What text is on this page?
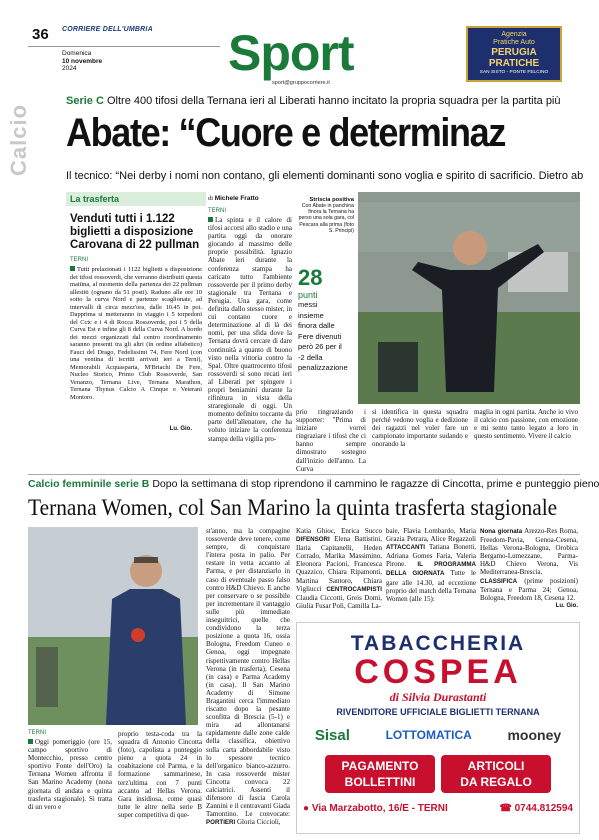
36 CORRIERE DELL'UMBRIA
Domenica
10 novembre
2024	Sport
sport@gruppocorriere.it
Agenzia
Pratiche Auto
PERUGIA
PRATICHE
SAN SISTO - PONTE FELCINO
Calcio
Serie C Oltre 400 tifosi della Ternana ieri al Liberati hanno incitato la propria squadra per la partita più
Abate: “Cuore e determinaz
Il tecnico: “Nei derby i nomi non contano, gli elementi dominanti sono voglia e spirito di sacrificio. Dietro ab
La trasferta
Venduti tutti i 1.122 biglietti a disposizione Carovana di 22 pullman
TERNI
Tutti prelazionati i 1122 biglietti a disposizione dei tifosi rossoverdi, che verranno distribuiti questa mattina, al momento della partenza dei 22 pullman allestiti (ognano da 51 posti). Raduno alle ore 10 sotto la curva Nord e partenze scaglionate, ad intervalli di circa mezz'ora, dalle 10.45 in poi. Dapprima si metteranno in viaggio i 5 torpedoni del Cctc e i 4 di Rocca Rossoverde, poi i 5 della Curva Est e infine gli 8 della Curva Nord. A bordo dei mezzi organizzati dal centro coordinamento saranno presenti tra gli altri (in ordine alfabetico) Fauci del Drago, Fedelissimi 74, Fere Nord (con una ventina di iscritti arrivati ieri a Terni), Memorabili Acquasparta, M'Briachi De Fere, Nucleo Storico, Primo Club Rossoverde, San Venanzo, Ternana Live, Ternana Marathon, Ternana Thynus Calcio A Cinque e Veterani Montoro.
Lu. Gio.
di Michele Fratto
TERNI
La spinta e il calore di tifosi accorsi allo stadio e una partita oggi da onorare giocando al massimo delle proprie possibilità. Ignazio Abate ieri durante la conferenza stampa ha caricato tutto l'ambiente rossoverde per il primo derby stagionale tra Ternana e Perugia. Una gara, come definita dallo stesso mister, in cui contano cuore e determinazione al di là dei nomi, per una sfida dove la Ternana dovrà cercare di dare continuità a quanto di buono visto nella vittoria contro la Spal. Oltre quattrocento tifosi rossoverdi si sono recati ieri al Liberati per spingere i propri beniamini durante la rifinitura in vista della straregionale di oggi. Un momento definito toccante da parte dell'allenatore, che ha voluto iniziare la conferenza stampa della vigilia pro-
Striscia positiva
Con Abate in panchina finora la Ternana ha perso una sola gara, col Pescara alla prima (foto S. Principi)
28
punti
messi insieme finora dalle Fere divenuti però 26 per il -2 della penalizzazione
prio ringraziando i supporter: "Prima di iniziare vorrei ringraziare i tifosi che ci hanno sempre dimostrato sostegno dall'inizio dell'anno. La Curva
si identifica in questa squadra perché vedono voglia e dedizione dei ragazzi nel voler fare un campionato importante sudando e onorando la
maglia in ogni partita. Anche io vivo il calcio con passione, con emozione e mi sento tanto legato a loro in questo sentimento. Vivere il calcio
Calcio femminile serie B Dopo la settimana di stop riprendono il cammino le ragazze di Cincotta, prime e punteggio pieno
Ternana Women, col San Marino la quinta trasferta stagionale
TERNI
Oggi pomeriggio (ore 15, campo sportivo di Montecchio, presso centro sportivo Fonte dell'Oro) la Ternana Women affronta il San Marino Academy (nona giornata di andata e quinta trasferta stagionale). Si tratta di un vero e
proprio testa-coda tra la squadra di Antonio Cincotta (foto), capolista a punteggio pieno a quota 24 in coabitazione col Parma, e la formazione sammarinese, terz'ultima con 7 punti accanto ad Hellas Verona. Gara insidiosa, come quasi tutte le altre nella serie B super competitiva di que-
st'anno, ma la compagine rossoverde deve tenere, come sempre, di conquistare l'intera posta in palio. Per restare in vetta accanto al Parma, e per distanziarlo in caso di eventuale passo falso contro H&D Chievo. E anche per conservare o se possibile per incrementare il vantaggio sulle più immediate inseguitrici, quelle che condividono la terza posizione a quota 16, ossia Bologna, Freedom Cuneo e Genoa, oggi impegnate rispettivamente contro Hellas Verona (in trasferta), Cesena (in casa) e Parma Academy (in casa). Il San Marino Academy di Simone Bragantini cerca l'immediato riscatto dopo la pesante sconfitta di Brescia (5-1) e mira ad allontanarsi rapidamente dalle zone calde della classifica, obiettivo sulla carta abbordabile visto lo spessore tecnico dell'organico bianco-azzurro. In casa rossoverde mister Cincotta convoca 22 calciatrici. Assenti il difensore di fascia Carola Zannini e il centravanti Giada Tamontino. Le convocate: PORTIERI Gloria Ciccioli,
Katia Ghioc, Enrica Succo DIFENSORI Elena Battistini, Ilaria Capitanelli, Heden Corrado, Marika Massimino, Eleonora Pacioni, Francesca Quazzico, Chiara Ripamonti, Martina Santoro, Chiara Vigliucci CENTROCAMPISTI Claudia Ciccotti, Greis Domi, Giulia Fusar Poli, Camilla La-
baie, Flavia Lombardo, Maria Grazia Petrara, Alice Regazzoli ATTACCANTI Tatiana Bonetti, Adriana Gomes Faria, Valeria Pirone. IL PROGRAMMA DELLA GIORNATA Tutte le gare alle 14.30, ad eccezione proprio del match della Ternana Women (alle 15):
Nona giornata Arezzo-Res Roma, Freedom-Pavia, Genoa-Cesena, Hellas Verona-Bologna, Orobica Bergamo-Lumezzane, Parma-H&D Chievo Verona, Vis Mediterranea-Brescia. CLASSIFICA (prime posizioni) Ternana e Parma 24; Genoa, Bologna, Freedom 18, Cesena 12.
Lu. Gio.
TABACCHERIA
COSPEA
di Silvia Durastanti
RIVENDITORE UFFICIALE BIGLIETTI TERNANA
Sisal	LOTTOMATICA	mooney
PAGAMENTO
BOLLETTINI
ARTICOLI
DA REGALO
● Via Marzabotto, 16/E - TERNI	☎ 0744.812594
